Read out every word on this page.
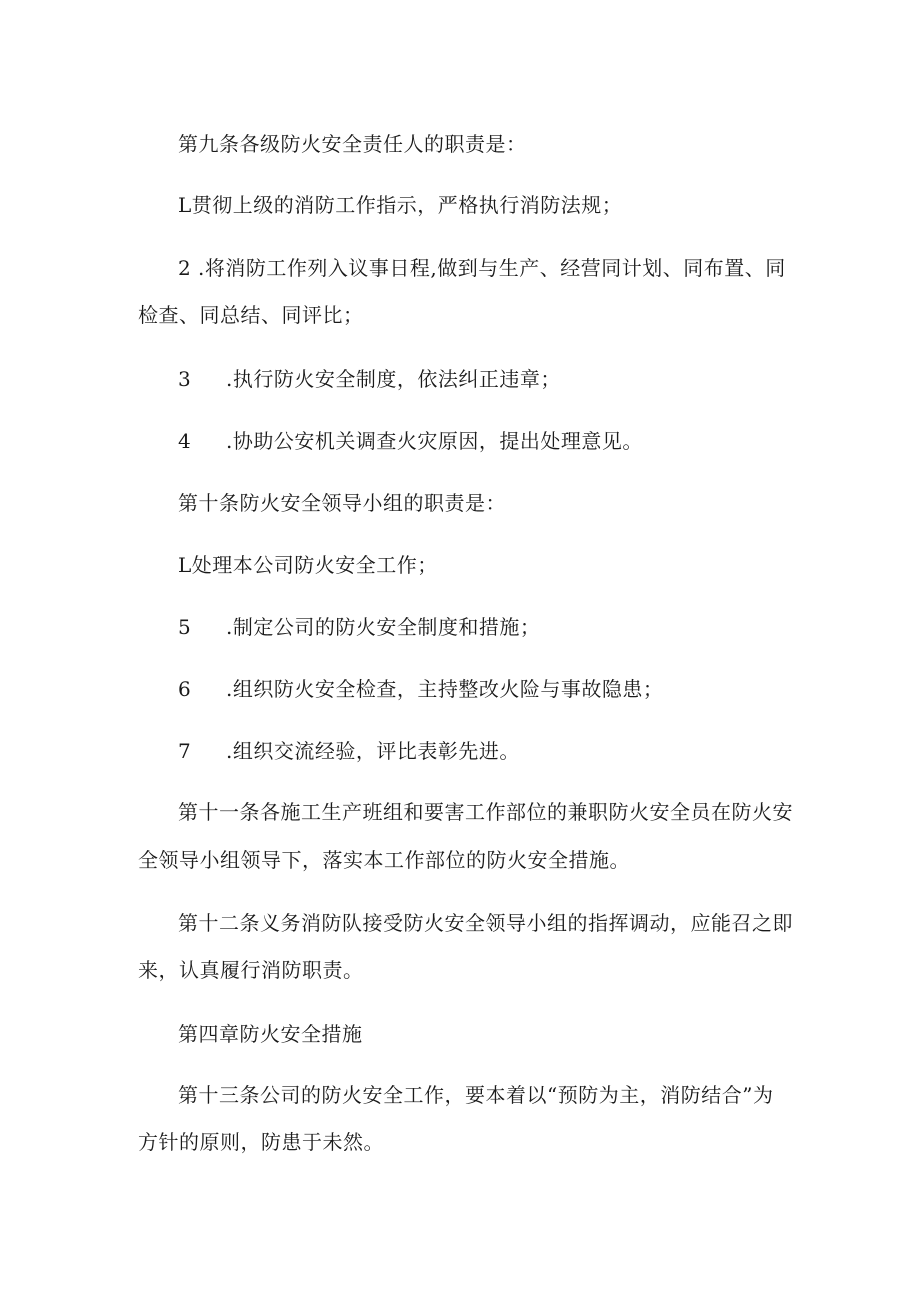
第九条各级防火安全责任人的职责是：
L贯彻上级的消防工作指示，严格执行消防法规；
2 .将消防工作列入议事日程,做到与生产、经营同计划、同布置、同
检查、同总结、同评比；
3 .执行防火安全制度，依法纠正违章；
4 .协助公安机关调查火灾原因，提出处理意见。
第十条防火安全领导小组的职责是：
L处理本公司防火安全工作；
5 .制定公司的防火安全制度和措施；
6 .组织防火安全检查，主持整改火险与事故隐患；
7 .组织交流经验，评比表彰先进。
第十一条各施工生产班组和要害工作部位的兼职防火安全员在防火安
全领导小组领导下，落实本工作部位的防火安全措施。
第十二条义务消防队接受防火安全领导小组的指挥调动，应能召之即
来，认真履行消防职责。
第四章防火安全措施
第十三条公司的防火安全工作，要本着以“预防为主，消防结合”为
方针的原则，防患于未然。
